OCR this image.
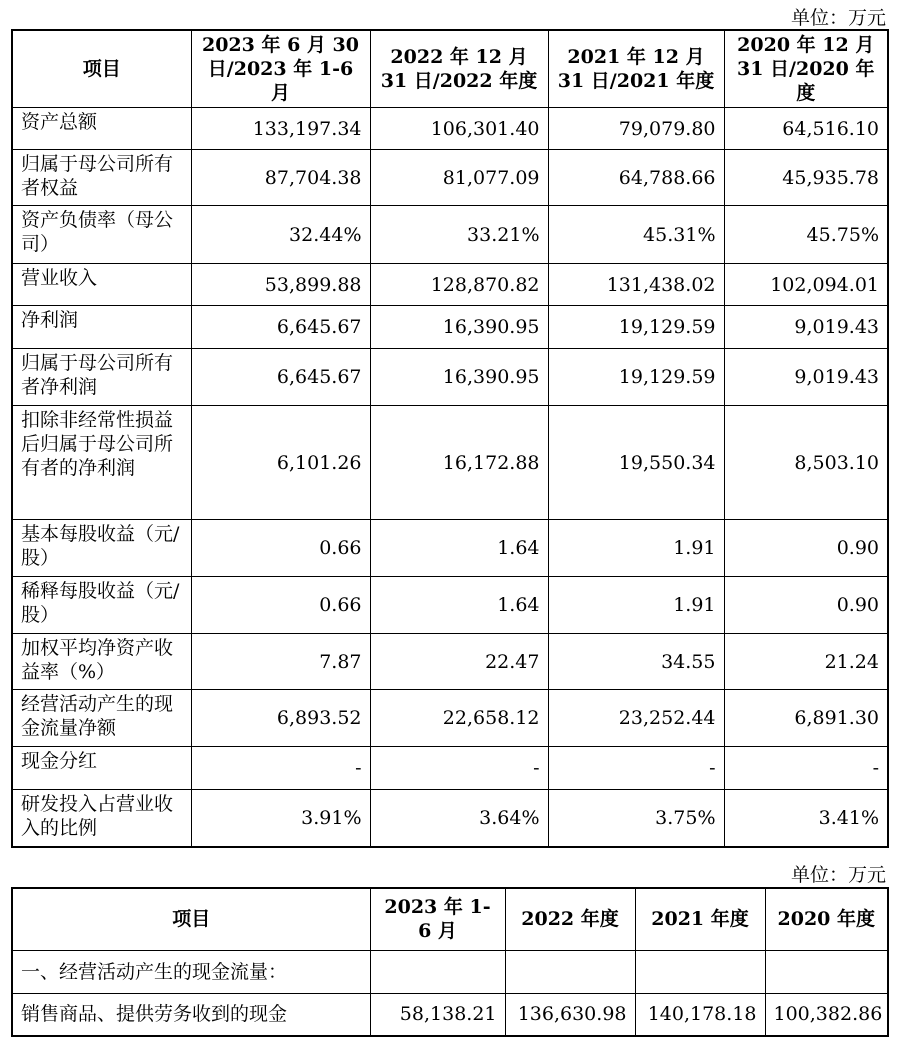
单位：万元
项目	2023 年 6 月 30 日/2023 年 1-6 月	2022 年 12 月 31 日/2022 年度	2021 年 12 月 31 日/2021 年度	2020 年 12 月 31 日/2020 年度
资产总额	133,197.34	106,301.40	79,079.80	64,516.10
归属于母公司所有者权益	87,704.38	81,077.09	64,788.66	45,935.78
资产负债率（母公司）	32.44%	33.21%	45.31%	45.75%
营业收入	53,899.88	128,870.82	131,438.02	102,094.01
净利润	6,645.67	16,390.95	19,129.59	9,019.43
归属于母公司所有者净利润	6,645.67	16,390.95	19,129.59	9,019.43
扣除非经常性损益后归属于母公司所有者的净利润	6,101.26	16,172.88	19,550.34	8,503.10
基本每股收益（元/股）	0.66	1.64	1.91	0.90
稀释每股收益（元/股）	0.66	1.64	1.91	0.90
加权平均净资产收益率（%）	7.87	22.47	34.55	21.24
经营活动产生的现金流量净额	6,893.52	22,658.12	23,252.44	6,891.30
现金分红	-	-	-	-
研发投入占营业收入的比例	3.91%	3.64%	3.75%	3.41%
单位：万元
项目	2023 年 1-6 月	2022 年度	2021 年度	2020 年度
一、经营活动产生的现金流量：				
销售商品、提供劳务收到的现金	58,138.21	136,630.98	140,178.18	100,382.86
